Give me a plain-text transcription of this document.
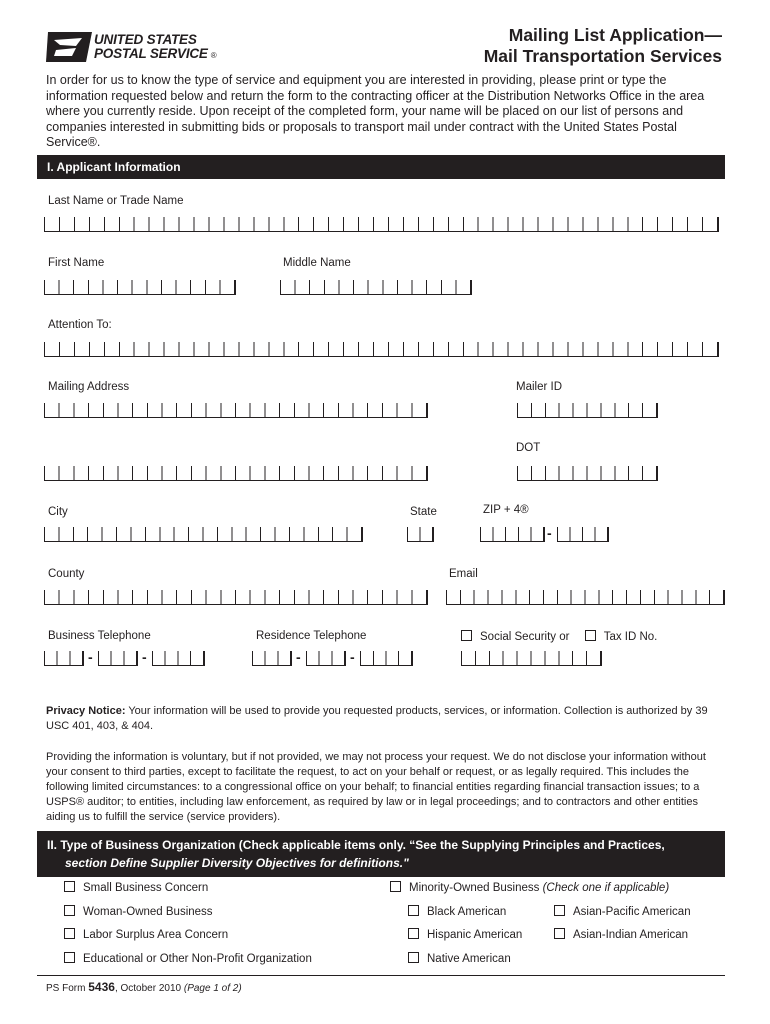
UNITED STATES
POSTAL SERVICE ®
Mailing List Application—
Mail Transportation Services
In order for us to know the type of service and equipment you are interested in providing, please print or type the information requested below and return the form to the contracting officer at the Distribution Networks Office in the area where you currently reside. Upon receipt of the completed form, your name will be placed on our list of persons and companies interested in submitting bids or proposals to transport mail under contract with the United States Postal Service®.
I. Applicant Information
Last Name or Trade Name
First Name	Middle Name
Attention To:
Mailing Address	Mailer ID
DOT
City	State	ZIP + 4®
-
County	Email
Business Telephone
-	-
Residence Telephone
-	-
Social Security or	Tax ID No.
Privacy Notice: Your information will be used to provide you requested products, services, or information. Collection is authorized by 39 USC 401, 403, & 404.
Providing the information is voluntary, but if not provided, we may not process your request. We do not disclose your information without your consent to third parties, except to facilitate the request, to act on your behalf or request, or as legally required. This includes the following limited circumstances: to a congressional office on your behalf; to financial entities regarding financial transaction issues; to a USPS® auditor; to entities, including law enforcement, as required by law or in legal proceedings; and to contractors and other entities aiding us to fulfill the service (service providers).
II. Type of Business Organization (Check applicable items only. “See the Supplying Principles and Practices,
section Define Supplier Diversity Objectives for definitions."
Small Business Concern
Woman-Owned Business
Labor Surplus Area Concern
Educational or Other Non-Profit Organization
Minority-Owned Business (Check one if applicable)
Black American	Asian-Pacific American
Hispanic American	Asian-Indian American
Native American
PS Form 5436, October 2010 (Page 1 of 2)
